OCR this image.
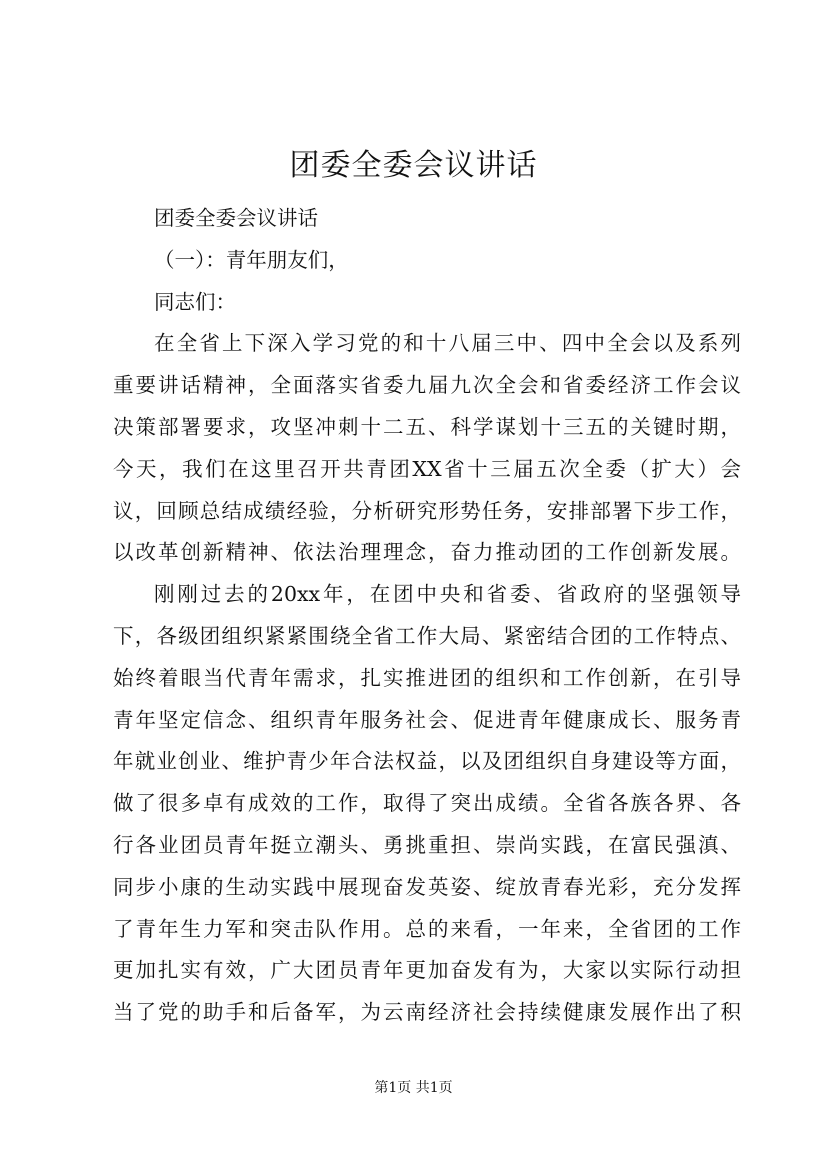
团委全委会议讲话
团委全委会议讲话
（一）：青年朋友们，
同志们：
在全省上下深入学习党的和十八届三中、四中全会以及系列
重要讲话精神，全面落实省委九届九次全会和省委经济工作会议
决策部署要求，攻坚冲刺十二五、科学谋划十三五的关键时期，
今天，我们在这里召开共青团XX省十三届五次全委（扩大）会
议，回顾总结成绩经验，分析研究形势任务，安排部署下步工作，
以改革创新精神、依法治理理念，奋力推动团的工作创新发展。
刚刚过去的20xx年，在团中央和省委、省政府的坚强领导
下，各级团组织紧紧围绕全省工作大局、紧密结合团的工作特点、
始终着眼当代青年需求，扎实推进团的组织和工作创新，在引导
青年坚定信念、组织青年服务社会、促进青年健康成长、服务青
年就业创业、维护青少年合法权益，以及团组织自身建设等方面，
做了很多卓有成效的工作，取得了突出成绩。全省各族各界、各
行各业团员青年挺立潮头、勇挑重担、崇尚实践，在富民强滇、
同步小康的生动实践中展现奋发英姿、绽放青春光彩，充分发挥
了青年生力军和突击队作用。总的来看，一年来，全省团的工作
更加扎实有效，广大团员青年更加奋发有为，大家以实际行动担
当了党的助手和后备军，为云南经济社会持续健康发展作出了积
第1页 共1页
